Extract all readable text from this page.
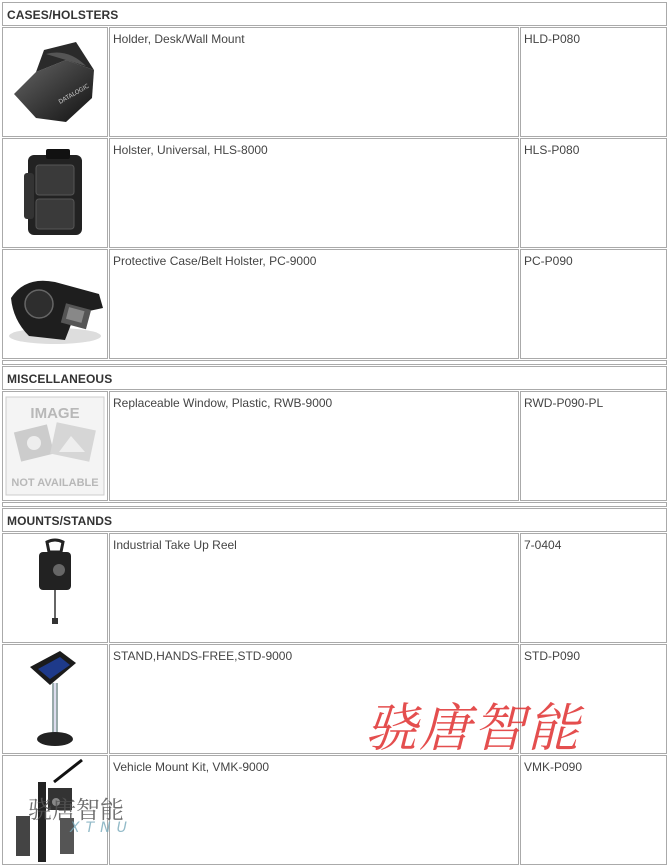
CASES/HOLSTERS		

DATALOGIC	Holder, Desk/Wall Mount	HLD-P080

	Holster, Universal, HLS-8000	HLS-P080

	Protective Case/Belt Holster, PC-9000	PC-P090

MISCELLANEOUS		

IMAGE
NOT AVAILABLE	Replaceable Window, Plastic, RWB-9000	RWD-P090-PL

MOUNTS/STANDS		

	Industrial Take Up Reel	7-0404

	STAND,HANDS-FREE,STD-9000	STD-P090

	Vehicle Mount Kit, VMK-9000	VMK-P090
骁唐智能
骁唐智能
XTNU
